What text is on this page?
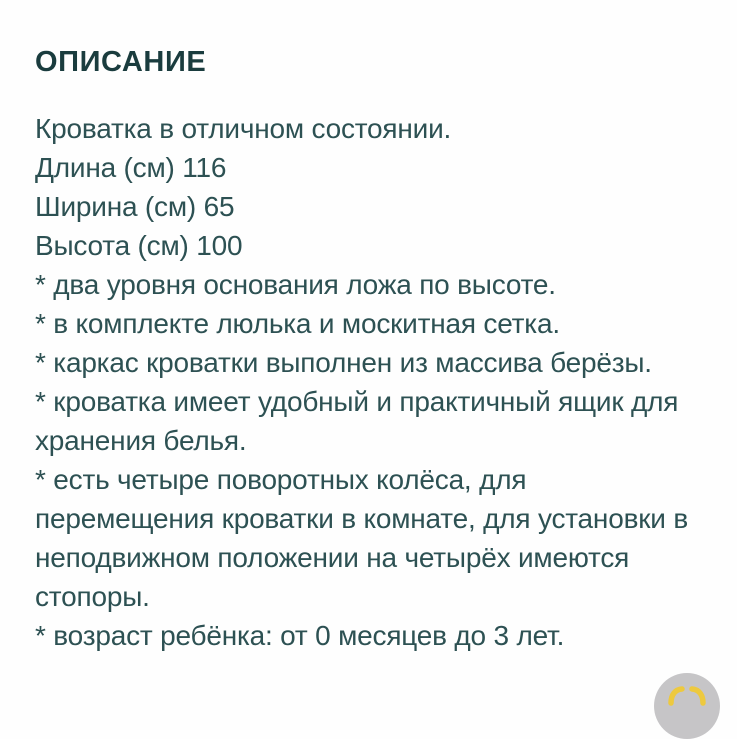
ОПИСАНИЕ

Кроватка в отличном состоянии.

Длина (см) 116

Ширина (см) 65

Высота (см) 100

* два уровня основания ложа по высоте.

* в комплекте люлька и москитная сетка.

* каркас кроватки выполнен из массива берёзы.

* кроватка имеет удобный и практичный ящик для хранения белья.

* есть четыре поворотных колёса, для перемещения кроватки в комнате, для установки в неподвижном положении на четырёх имеются стопоры.

* возраст ребёнка: от 0 месяцев до 3 лет.
